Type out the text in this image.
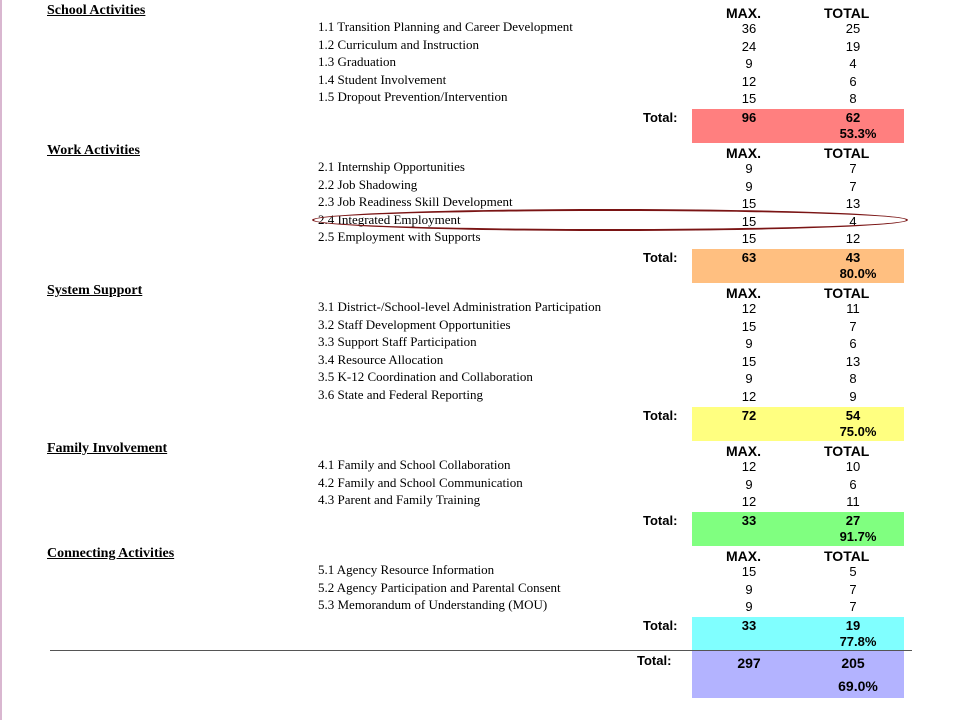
School Activities	MAX.	TOTAL
1.1 Transition Planning and Career Development	36	25
1.2 Curriculum and Instruction	24	19
1.3 Graduation	9	4
1.4 Student Involvement	12	6
1.5 Dropout Prevention/Intervention	15	8
Total:	96	62
53.3%
Work Activities	MAX.	TOTAL
2.1 Internship Opportunities	9	7
2.2 Job Shadowing	9	7
2.3 Job Readiness Skill Development	15	13
2.4 Integrated Employment	15	4
2.5 Employment with Supports	15	12
Total:	63	43
80.0%
System Support	MAX.	TOTAL
3.1 District-/School-level Administration Participation	12	11
3.2 Staff Development Opportunities	15	7
3.3 Support Staff Participation	9	6
3.4 Resource Allocation	15	13
3.5 K-12 Coordination and Collaboration	9	8
3.6 State and Federal Reporting	12	9
Total:	72	54
75.0%
Family Involvement	MAX.	TOTAL
4.1 Family and School Collaboration	12	10
4.2 Family and School Communication	9	6
4.3 Parent and Family Training	12	11
Total:	33	27
91.7%
Connecting Activities	MAX.	TOTAL
5.1 Agency Resource Information	15	5
5.2 Agency Participation and Parental Consent	9	7
5.3 Memorandum of Understanding (MOU)	9	7
Total:	33	19
77.8%
Total:	297	205
69.0%
